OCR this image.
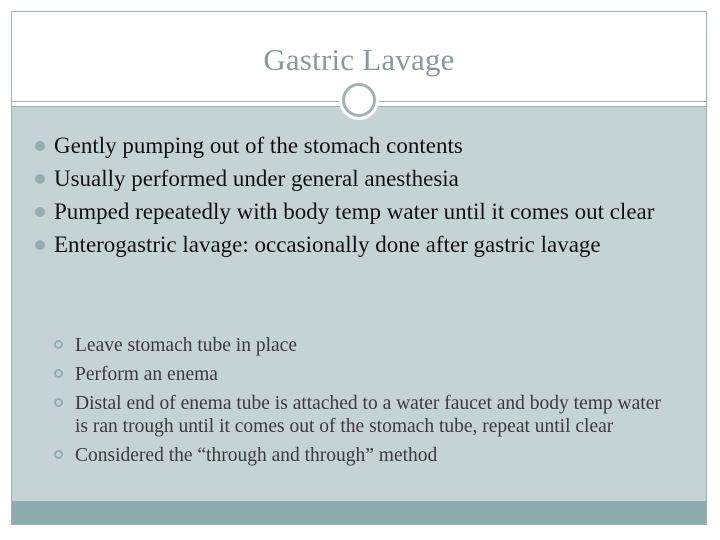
Gastric Lavage
Gently pumping out of the stomach contents
Usually performed under general anesthesia
Pumped repeatedly with body temp water until it comes out clear
Enterogastric lavage: occasionally done after gastric lavage
Leave stomach tube in place
Perform an enema
Distal end of enema tube is attached to a water faucet and body temp water is ran trough until it comes out of the stomach tube, repeat until clear
Considered the “through and through” method
